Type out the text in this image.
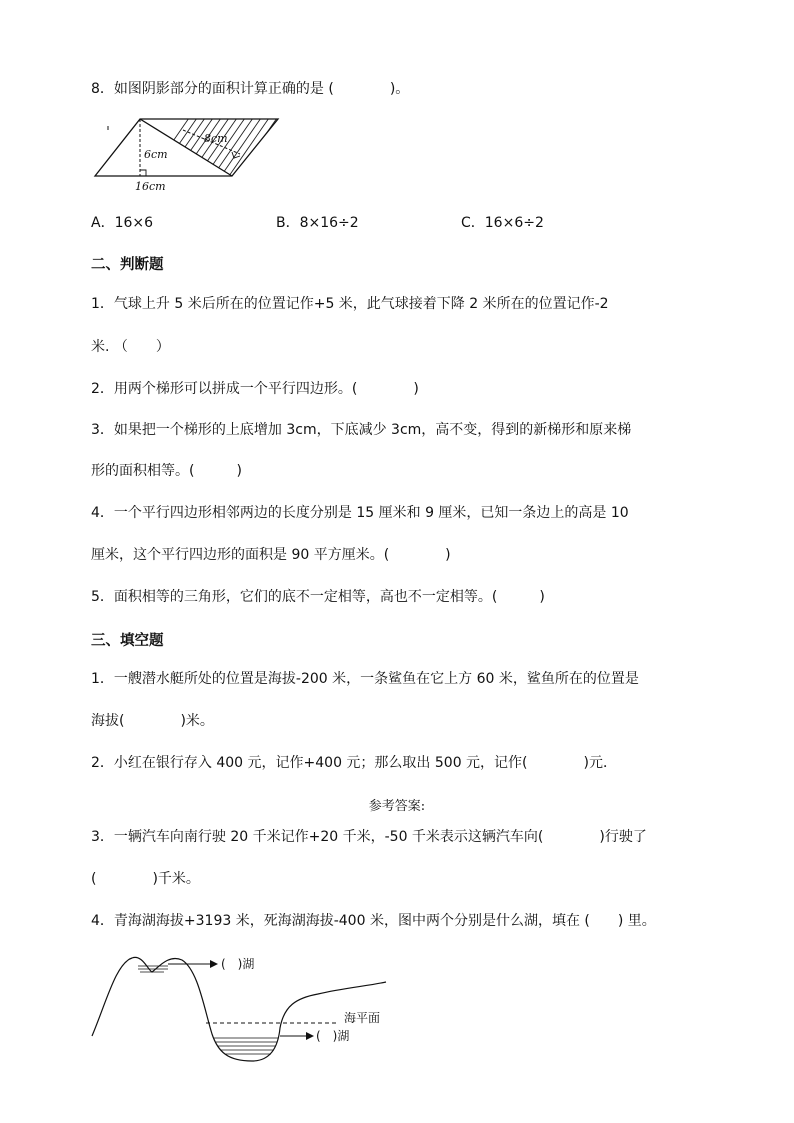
8．如图阴影部分的面积计算正确的是 (　　　　)。
8cm
6cm
16cm
A．16×6	B．8×16÷2	C．16×6÷2
二、判断题
1．气球上升 5 米后所在的位置记作+5 米，此气球接着下降 2 米所在的位置记作-2
米. （　　）
2．用两个梯形可以拼成一个平行四边形。(　　　　)
3．如果把一个梯形的上底增加 3cm，下底减少 3cm，高不变，得到的新梯形和原来梯
形的面积相等。(　　　)
4．一个平行四边形相邻两边的长度分别是 15 厘米和 9 厘米，已知一条边上的高是 10
厘米，这个平行四边形的面积是 90 平方厘米。(　　　　)
5．面积相等的三角形，它们的底不一定相等，高也不一定相等。(　　　)
三、填空题
1．一艘潜水艇所处的位置是海拔-200 米，一条鲨鱼在它上方 60 米，鲨鱼所在的位置是
海拔(　　　　)米。
2．小红在银行存入 400 元，记作+400 元；那么取出 500 元，记作(　　　　)元．
参考答案:
3．一辆汽车向南行驶 20 千米记作+20 千米，-50 千米表示这辆汽车向(　　　　)行驶了
(　　　　)千米。
4．青海湖海拔+3193 米，死海湖海拔-400 米，图中两个分别是什么湖，填在 (　　) 里。
(　)湖
海平面
(　)湖
